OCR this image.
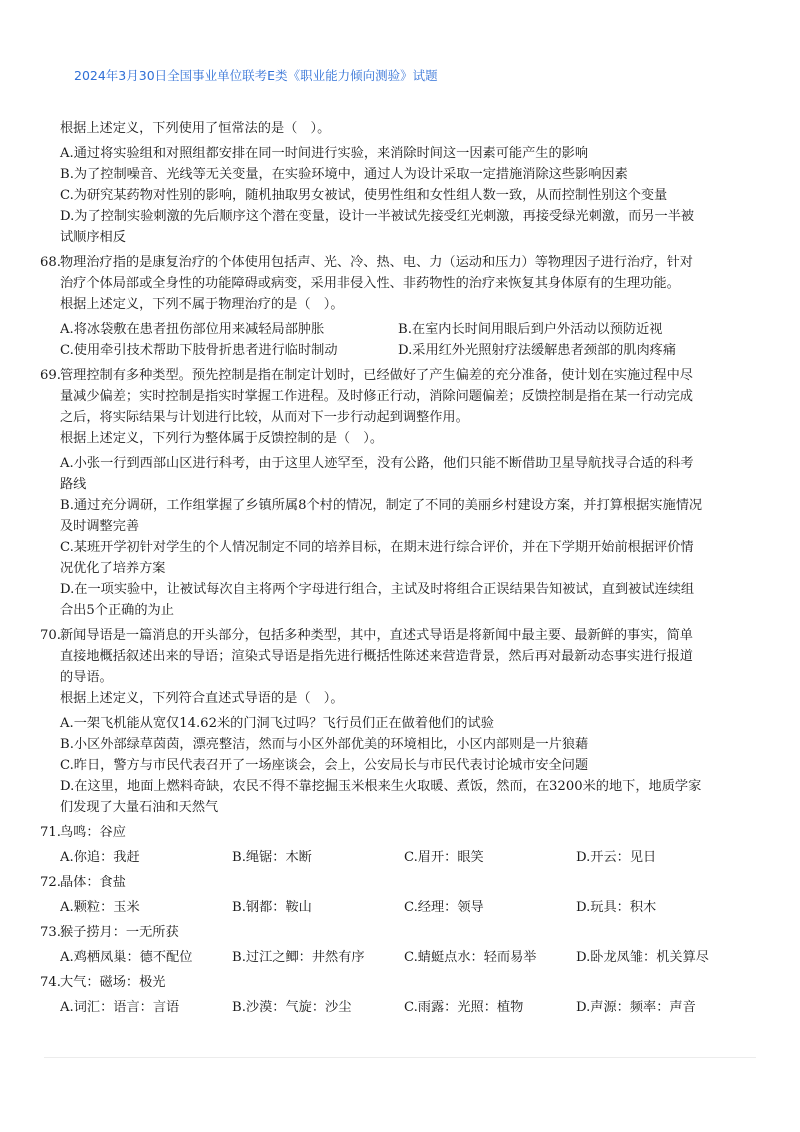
2024年3月30日全国事业单位联考E类《职业能力倾向测验》试题
根据上述定义，下列使用了恒常法的是（　）。
A.通过将实验组和对照组都安排在同一时间进行实验，来消除时间这一因素可能产生的影响
B.为了控制噪音、光线等无关变量，在实验环境中，通过人为设计采取一定措施消除这些影响因素
C.为研究某药物对性别的影响，随机抽取男女被试，使男性组和女性组人数一致，从而控制性别这个变量
D.为了控制实验刺激的先后顺序这个潜在变量，设计一半被试先接受红光刺激，再接受绿光刺激，而另一半被
试顺序相反
68. 物理治疗指的是康复治疗的个体使用包括声、光、冷、热、电、力（运动和压力）等物理因子进行治疗，针对
治疗个体局部或全身性的功能障碍或病变，采用非侵入性、非药物性的治疗来恢复其身体原有的生理功能。
根据上述定义，下列不属于物理治疗的是（　）。
A.将冰袋敷在患者扭伤部位用来减轻局部肿胀	B.在室内长时间用眼后到户外活动以预防近视
C.使用牵引技术帮助下肢骨折患者进行临时制动	D.采用红外光照射疗法缓解患者颈部的肌肉疼痛
69. 管理控制有多种类型。预先控制是指在制定计划时，已经做好了产生偏差的充分准备，使计划在实施过程中尽
量减少偏差；实时控制是指实时掌握工作进程。及时修正行动，消除问题偏差；反馈控制是指在某一行动完成
之后，将实际结果与计划进行比较，从而对下一步行动起到调整作用。
根据上述定义，下列行为整体属于反馈控制的是（　）。
A.小张一行到西部山区进行科考，由于这里人迹罕至，没有公路，他们只能不断借助卫星导航找寻合适的科考
路线
B.通过充分调研，工作组掌握了乡镇所属8个村的情况，制定了不同的美丽乡村建设方案，并打算根据实施情况
及时调整完善
C.某班开学初针对学生的个人情况制定不同的培养目标，在期末进行综合评价，并在下学期开始前根据评价情
况优化了培养方案
D.在一项实验中，让被试每次自主将两个字母进行组合，主试及时将组合正误结果告知被试，直到被试连续组
合出5个正确的为止
70. 新闻导语是一篇消息的开头部分，包括多种类型，其中，直述式导语是将新闻中最主要、最新鲜的事实，简单
直接地概括叙述出来的导语；渲染式导语是指先进行概括性陈述来营造背景，然后再对最新动态事实进行报道
的导语。
根据上述定义，下列符合直述式导语的是（　）。
A.一架飞机能从宽仅14.62米的门洞飞过吗？飞行员们正在做着他们的试验
B.小区外部绿草茵茵，漂亮整洁，然而与小区外部优美的环境相比，小区内部则是一片狼藉
C.昨日，警方与市民代表召开了一场座谈会，会上，公安局长与市民代表讨论城市安全问题
D.在这里，地面上燃料奇缺，农民不得不靠挖掘玉米根来生火取暖、煮饭，然而，在3200米的地下，地质学家
们发现了大量石油和天然气
71. 鸟鸣：谷应
A.你追：我赶	B.绳锯：木断	C.眉开：眼笑	D.开云：见日
72. 晶体：食盐
A.颗粒：玉米	B.钢都：鞍山	C.经理：领导	D.玩具：积木
73. 猴子捞月：一无所获
A.鸡栖凤巢：德不配位	B.过江之鲫：井然有序	C.蜻蜓点水：轻而易举	D.卧龙凤雏：机关算尽
74. 大气：磁场：极光
A.词汇：语言：言语	B.沙漠：气旋：沙尘	C.雨露：光照：植物	D.声源：频率：声音
